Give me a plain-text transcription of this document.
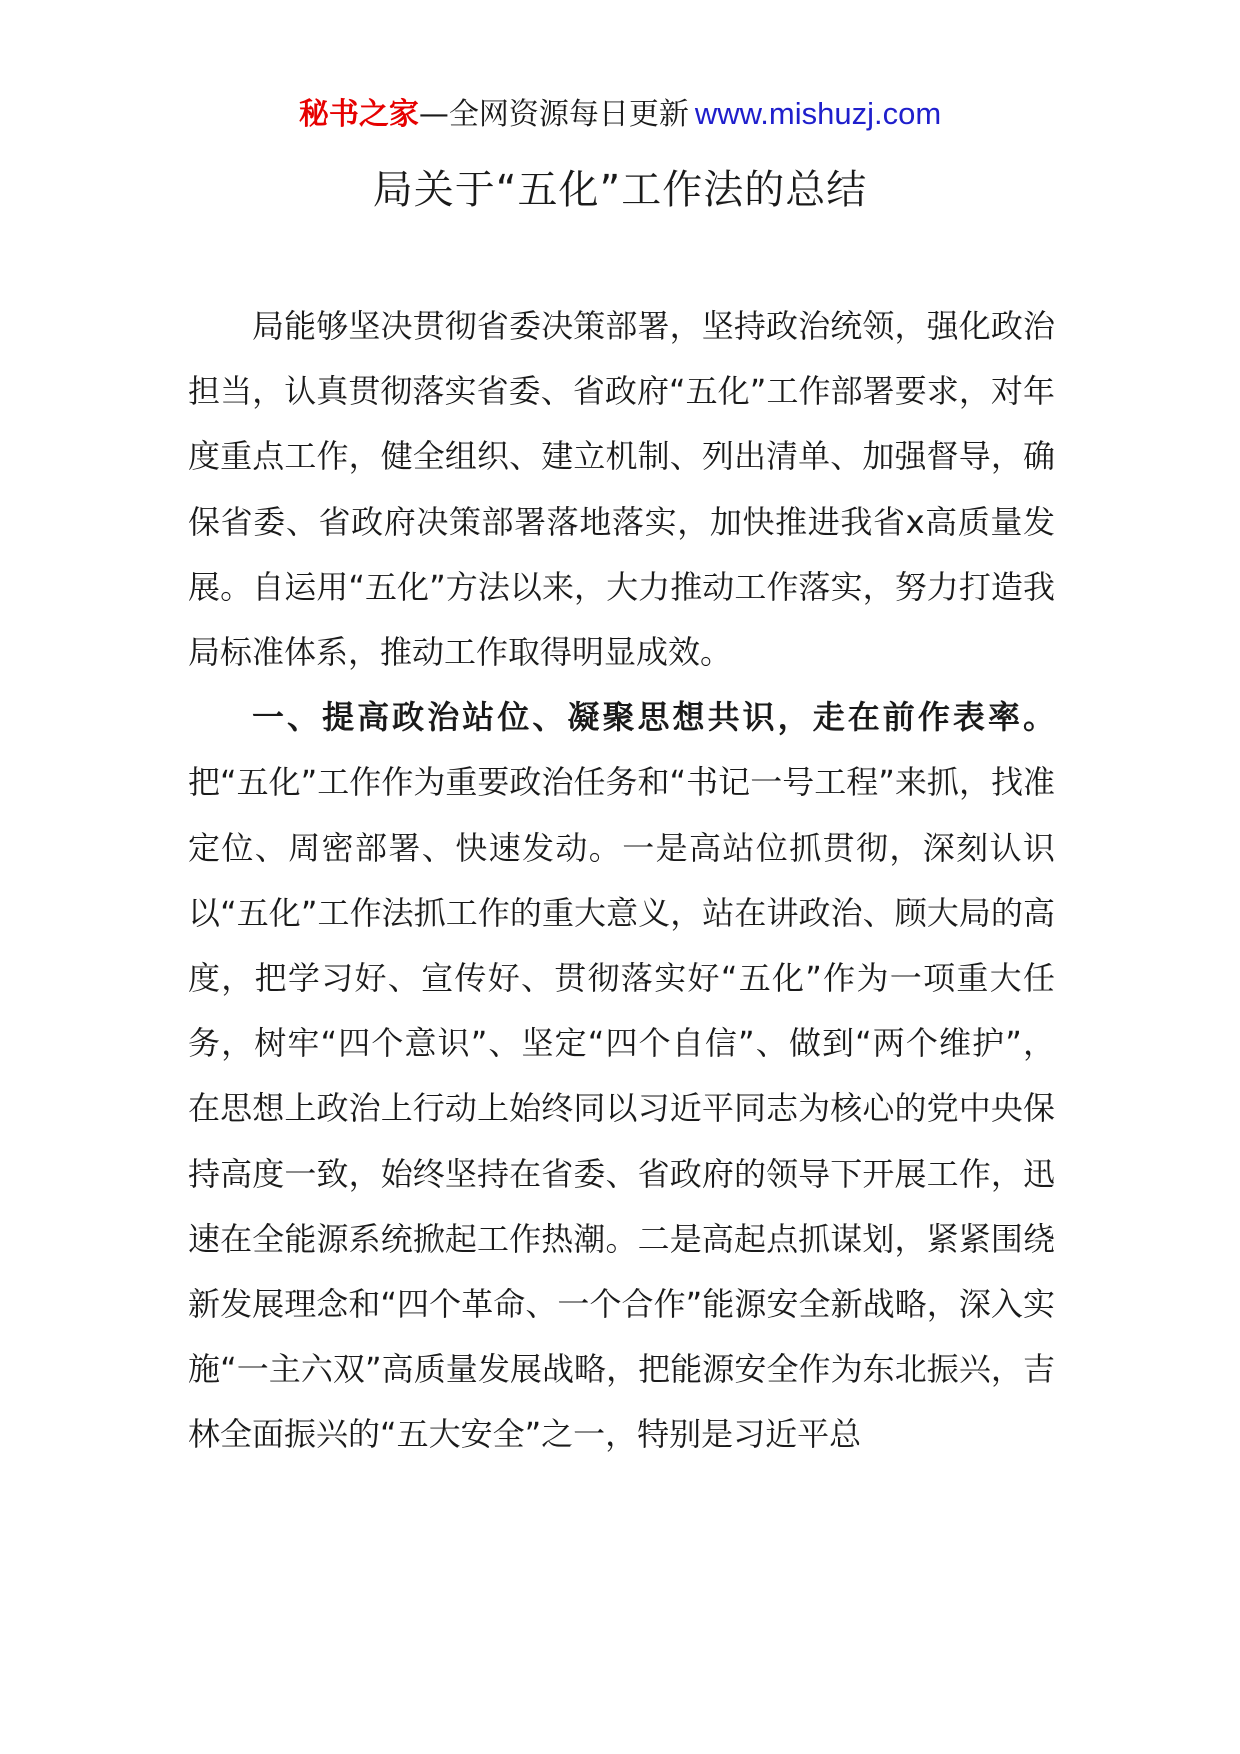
秘书之家—全网资源每日更新 www.mishuzj.com
局关于“五化”工作法的总结

局能够坚决贯彻省委决策部署，坚持政治统领，强化政治担当，认真贯彻落实省委、省政府“五化”工作部署要求，对年度重点工作，健全组织、建立机制、列出清单、加强督导，确保省委、省政府决策部署落地落实，加快推进我省x高质量发展。自运用“五化”方法以来，大力推动工作落实，努力打造我局标准体系，推动工作取得明显成效。

一、提高政治站位、凝聚思想共识，走在前作表率。把“五化”工作作为重要政治任务和“书记一号工程”来抓，找准定位、周密部署、快速发动。一是高站位抓贯彻，深刻认识以“五化”工作法抓工作的重大意义，站在讲政治、顾大局的高度，把学习好、宣传好、贯彻落实好“五化”作为一项重大任务，树牢“四个意识”、坚定“四个自信”、做到“两个维护”，在思想上政治上行动上始终同以习近平同志为核心的党中央保持高度一致，始终坚持在省委、省政府的领导下开展工作，迅速在全能源系统掀起工作热潮。二是高起点抓谋划，紧紧围绕新发展理念和“四个革命、一个合作”能源安全新战略，深入实施“一主六双”高质量发展战略，把能源安全作为东北振兴，吉林全面振兴的“五大安全”之一，特别是习近平总
